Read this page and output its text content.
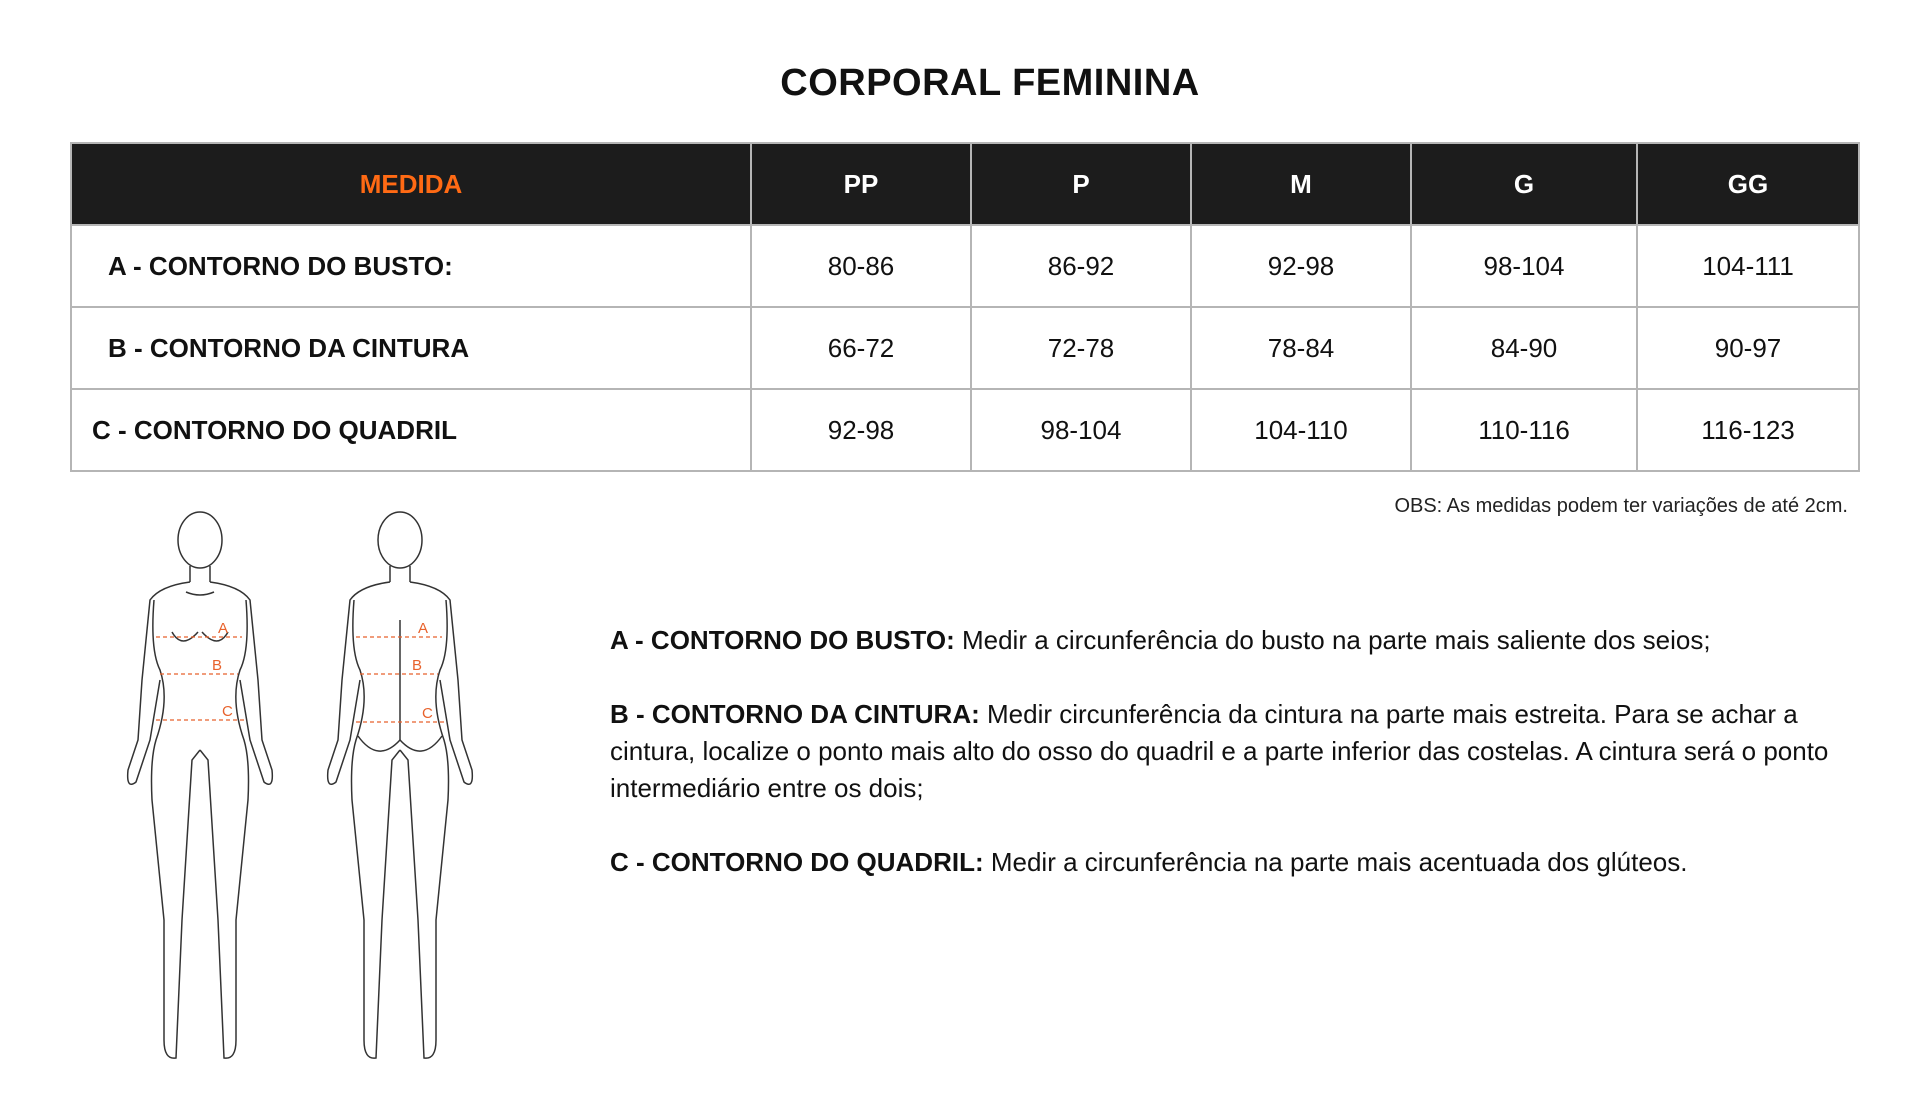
CORPORAL FEMININA
MEDIDA	PP	P	M	G	GG
A - CONTORNO DO BUSTO:	80-86	86-92	92-98	98-104	104-111
B - CONTORNO DA CINTURA	66-72	72-78	78-84	84-90	90-97
C - CONTORNO DO QUADRIL	92-98	98-104	104-110	110-116	116-123
OBS: As medidas podem ter variações de até 2cm.
A
B
C
A
B
C

A - CONTORNO DO BUSTO: Medir a circunferência do busto na parte mais saliente dos seios;

B - CONTORNO DA CINTURA: Medir circunferência da cintura na parte mais estreita. Para se achar a cintura, localize o ponto mais alto do osso do quadril e a parte inferior das costelas. A cintura será o ponto intermediário entre os dois;

C - CONTORNO DO QUADRIL: Medir a circunferência na parte mais acentuada dos glúteos.
